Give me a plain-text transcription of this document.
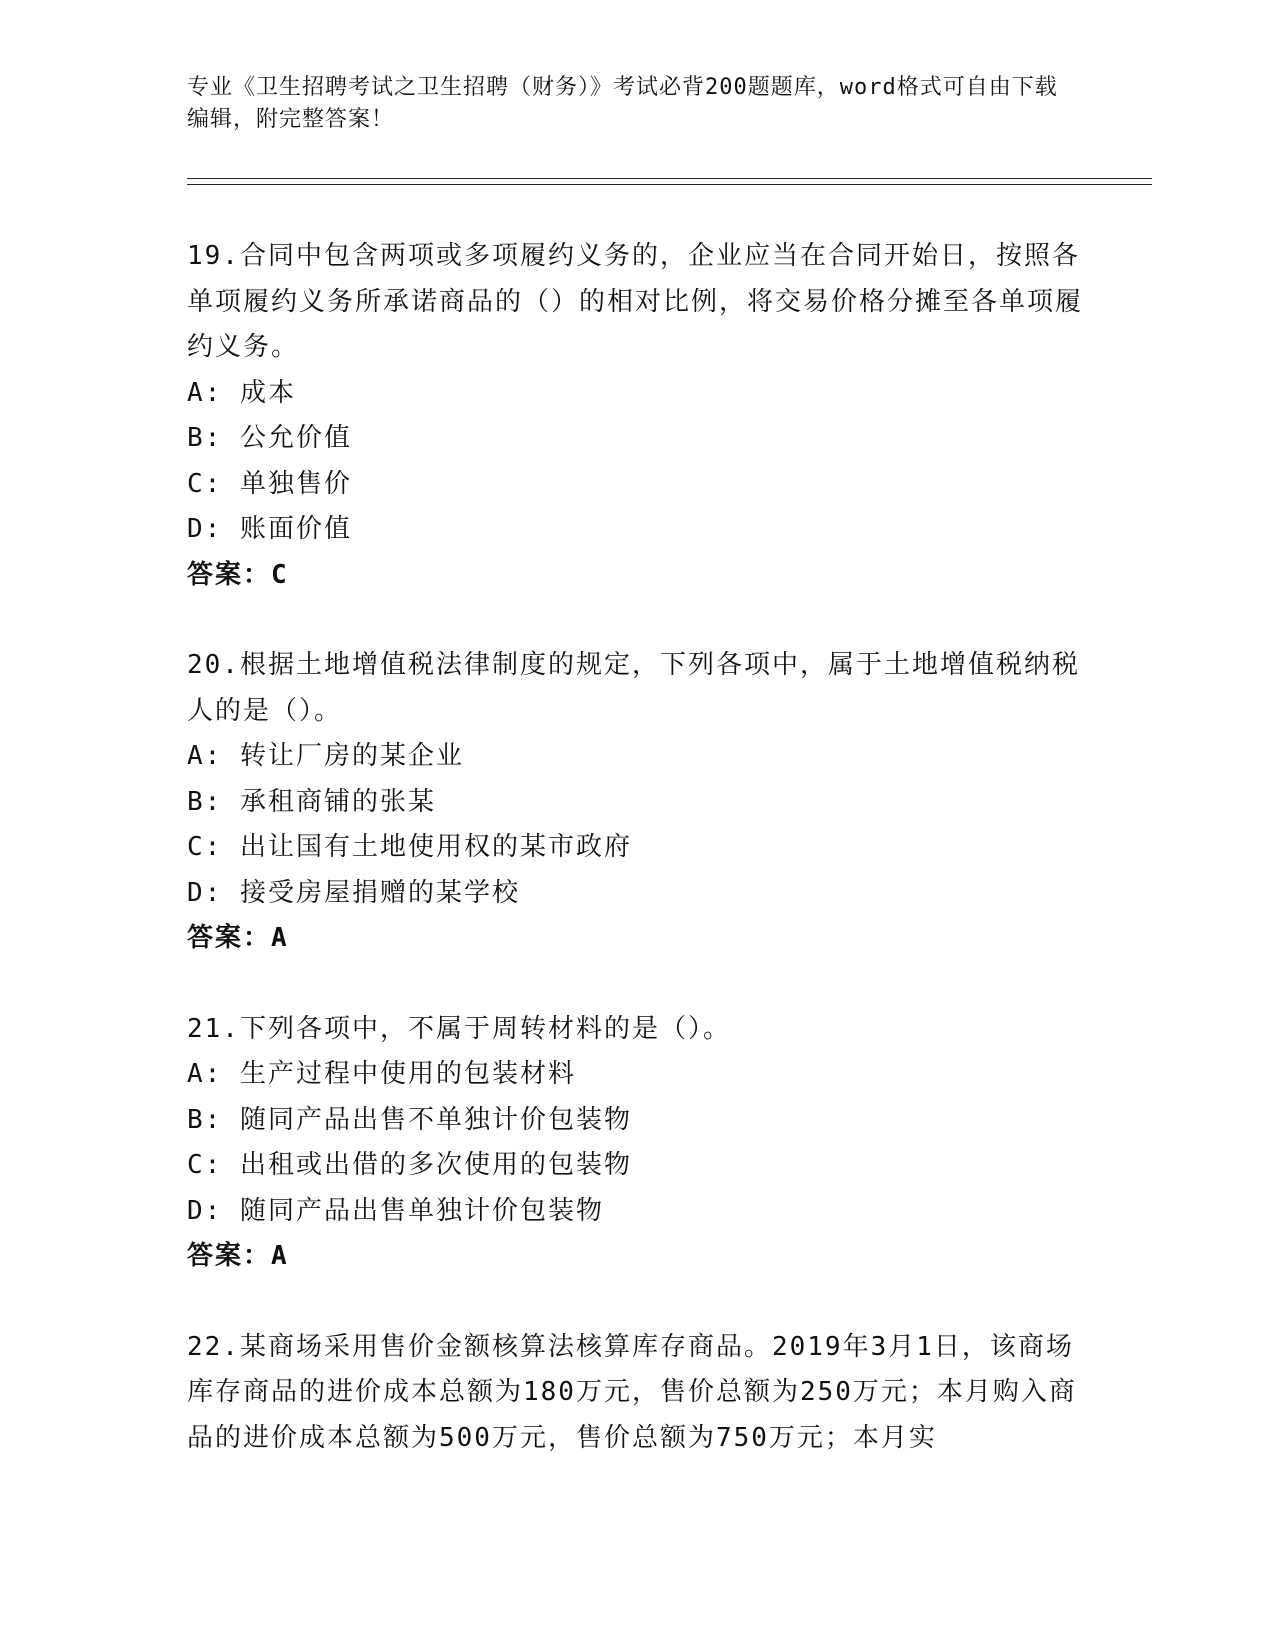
专业《卫生招聘考试之卫生招聘（财务）》考试必背200题题库，word格式可自由下载编辑，附完整答案！

19.合同中包含两项或多项履约义务的，企业应当在合同开始日，按照各单项履约义务所承诺商品的（）的相对比例，将交易价格分摊至各单项履约义务。

A: 成本

B: 公允价值

C: 单独售价

D: 账面价值

答案：C

20.根据土地增值税法律制度的规定，下列各项中，属于土地增值税纳税人的是（）。

A: 转让厂房的某企业

B: 承租商铺的张某

C: 出让国有土地使用权的某市政府

D: 接受房屋捐赠的某学校

答案：A

21.下列各项中，不属于周转材料的是（）。

A: 生产过程中使用的包装材料

B: 随同产品出售不单独计价包装物

C: 出租或出借的多次使用的包装物

D: 随同产品出售单独计价包装物

答案：A

22.某商场采用售价金额核算法核算库存商品。2019年3月1日，该商场库存商品的进价成本总额为180万元，售价总额为250万元；本月购入商品的进价成本总额为500万元，售价总额为750万元；本月实
